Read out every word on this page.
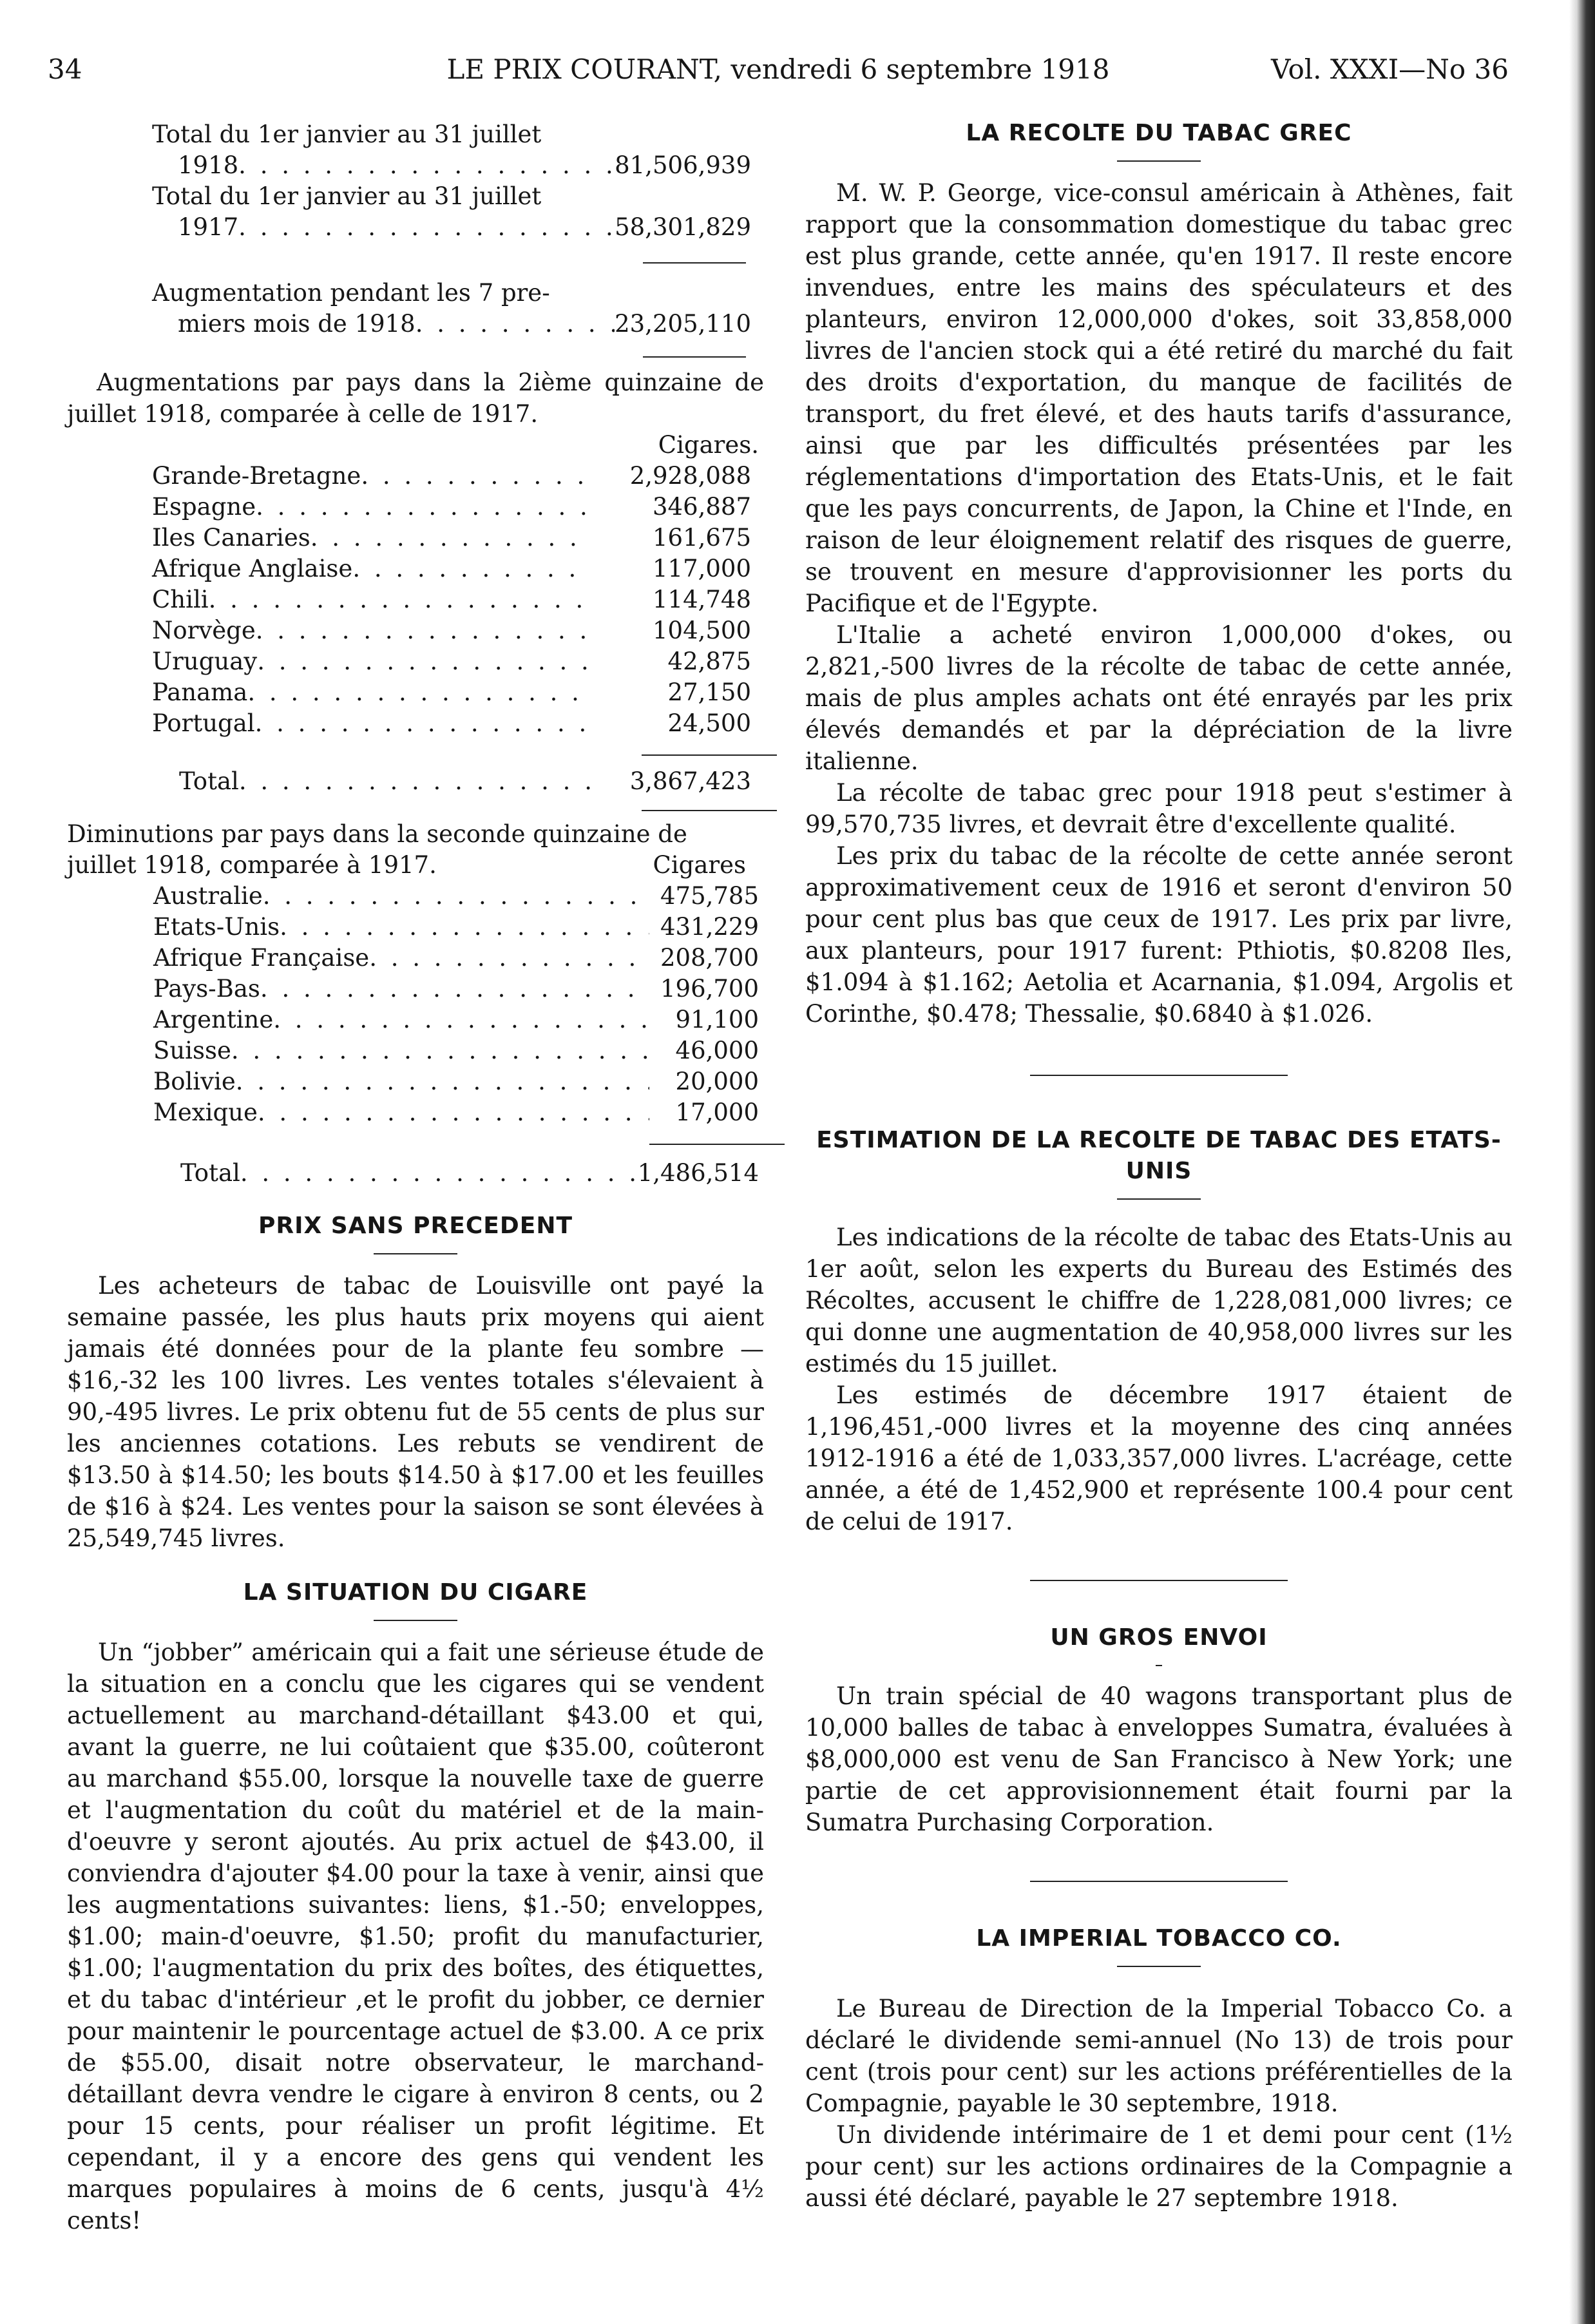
34	LE PRIX COURANT, vendredi 6 septembre 1918	Vol. XXXI—No 36
Total du 1er janvier au 31 juillet
1918 . . .	81,506,939
Total du 1er janvier au 31 juillet
1917 . . .	58,301,829
Augmentation pendant les 7 pre-
miers mois de 1918 . . .	23,205,110

Augmentations par pays dans la 2ième quinzaine de juillet 1918, comparée à celle de 1917.

Cigares.
Grande-Bretagne . . .	2,928,088
Espagne . . .	346,887
Iles Canaries . . .	161,675
Afrique Anglaise . . .	117,000
Chili . . .	114,748
Norvège . . .	104,500
Uruguay . . .	42,875
Panama . . .	27,150
Portugal . . .	24,500
Total . . .	3,867,423
Diminutions par pays dans la seconde quinzaine de
juillet 1918, comparée à 1917.	Cigares
Australie . . .	475,785
Etats-Unis . . .	431,229
Afrique Française . . .	208,700
Pays-Bas . . .	196,700
Argentine . . .	91,100
Suisse . . .	46,000
Bolivie . . .	20,000
Mexique . . .	17,000
Total . . .	1,486,514
PRIX SANS PRECEDENT

Les acheteurs de tabac de Louisville ont payé la semaine passée, les plus hauts prix moyens qui aient jamais été données pour de la plante feu sombre — $16,-32 les 100 livres. Les ventes totales s'élevaient à 90,-495 livres. Le prix obtenu fut de 55 cents de plus sur les anciennes cotations. Les rebuts se vendirent de $13.50 à $14.50; les bouts $14.50 à $17.00 et les feuilles de $16 à $24. Les ventes pour la saison se sont élevées à 25,549,745 livres.

LA SITUATION DU CIGARE

Un “jobber” américain qui a fait une sérieuse étude de la situation en a conclu que les cigares qui se vendent actuellement au marchand-détaillant $43.00 et qui, avant la guerre, ne lui coûtaient que $35.00, coûteront au marchand $55.00, lorsque la nouvelle taxe de guerre et l'augmentation du coût du matériel et de la main-d'oeuvre y seront ajoutés. Au prix actuel de $43.00, il conviendra d'ajouter $4.00 pour la taxe à venir, ainsi que les augmentations suivantes: liens, $1.-50; enveloppes, $1.00; main-d'oeuvre, $1.50; profit du manufacturier, $1.00; l'augmentation du prix des boîtes, des étiquettes, et du tabac d'intérieur ,et le profit du jobber, ce dernier pour maintenir le pourcentage actuel de $3.00. A ce prix de $55.00, disait notre observateur, le marchand-détaillant devra vendre le cigare à environ 8 cents, ou 2 pour 15 cents, pour réaliser un profit légitime. Et cependant, il y a encore des gens qui vendent les marques populaires à moins de 6 cents, jusqu'à 4½ cents!

LA RECOLTE DU TABAC GREC

M. W. P. George, vice-consul américain à Athènes, fait rapport que la consommation domestique du tabac grec est plus grande, cette année, qu'en 1917. Il reste encore invendues, entre les mains des spéculateurs et des planteurs, environ 12,000,000 d'okes, soit 33,858,000 livres de l'ancien stock qui a été retiré du marché du fait des droits d'exportation, du manque de facilités de transport, du fret élevé, et des hauts tarifs d'assurance, ainsi que par les difficultés présentées par les réglementations d'importation des Etats-Unis, et le fait que les pays concurrents, de Japon, la Chine et l'Inde, en raison de leur éloignement relatif des risques de guerre, se trouvent en mesure d'approvisionner les ports du Pacifique et de l'Egypte.

L'Italie a acheté environ 1,000,000 d'okes, ou 2,821,-500 livres de la récolte de tabac de cette année, mais de plus amples achats ont été enrayés par les prix élevés demandés et par la dépréciation de la livre italienne.

La récolte de tabac grec pour 1918 peut s'estimer à 99,570,735 livres, et devrait être d'excellente qualité.

Les prix du tabac de la récolte de cette année seront approximativement ceux de 1916 et seront d'environ 50 pour cent plus bas que ceux de 1917. Les prix par livre, aux planteurs, pour 1917 furent: Pthiotis, $0.8208 Iles, $1.094 à $1.162; Aetolia et Acarnania, $1.094, Argolis et Corinthe, $0.478; Thessalie, $0.6840 à $1.026.

ESTIMATION DE LA RECOLTE DE TABAC DES ETATS-UNIS

Les indications de la récolte de tabac des Etats-Unis au 1er août, selon les experts du Bureau des Estimés des Récoltes, accusent le chiffre de 1,228,081,000 livres; ce qui donne une augmentation de 40,958,000 livres sur les estimés du 15 juillet.

Les estimés de décembre 1917 étaient de 1,196,451,-000 livres et la moyenne des cinq années 1912-1916 a été de 1,033,357,000 livres. L'acréage, cette année, a été de 1,452,900 et représente 100.4 pour cent de celui de 1917.

UN GROS ENVOI

Un train spécial de 40 wagons transportant plus de 10,000 balles de tabac à enveloppes Sumatra, évaluées à $8,000,000 est venu de San Francisco à New York; une partie de cet approvisionnement était fourni par la Sumatra Purchasing Corporation.

LA IMPERIAL TOBACCO CO.

Le Bureau de Direction de la Imperial Tobacco Co. a déclaré le dividende semi-annuel (No 13) de trois pour cent (trois pour cent) sur les actions préférentielles de la Compagnie, payable le 30 septembre, 1918.

Un dividende intérimaire de 1 et demi pour cent (1½ pour cent) sur les actions ordinaires de la Compagnie a aussi été déclaré, payable le 27 septembre 1918.
